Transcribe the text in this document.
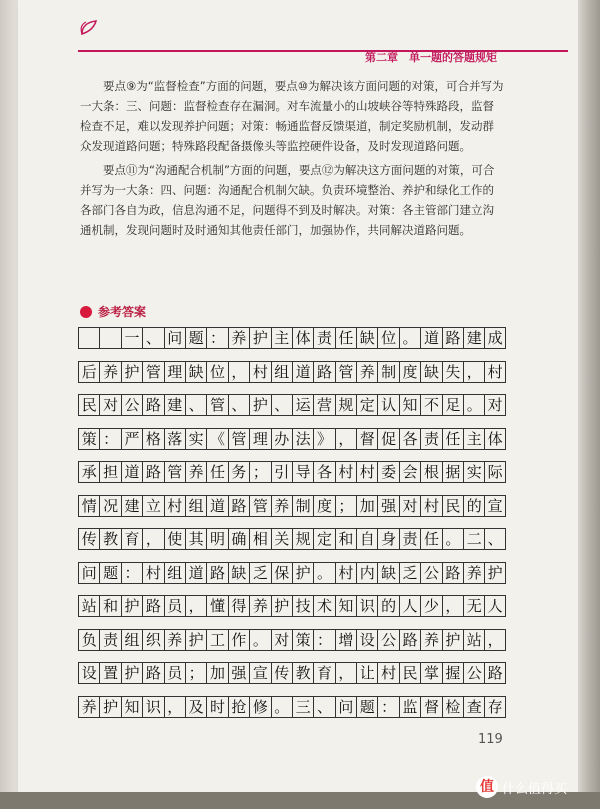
第二章　单一题的答题规矩

要点⑨为“监督检查”方面的问题，要点⑩为解决该方面问题的对策，可合并写为一大条：三、问题：监督检查存在漏洞。对车流量小的山坡峡谷等特殊路段，监督检查不足，难以发现养护问题；对策：畅通监督反馈渠道，制定奖励机制，发动群众发现道路问题；特殊路段配备摄像头等监控硬件设备，及时发现道路问题。

要点⑪为“沟通配合机制”方面的问题，要点⑫为解决这方面问题的对策，可合并写为一大条：四、问题：沟通配合机制欠缺。负责环境整治、养护和绿化工作的各部门各自为政，信息沟通不足，问题得不到及时解决。对策：各主管部门建立沟通机制，发现问题时及时通知其他责任部门，加强协作，共同解决道路问题。

参考答案
一 、 问 题 ： 养 护 主 体 责 任 缺 位 。 道 路 建 成
后 养 护 管 理 缺 位 ， 村 组 道 路 管 养 制 度 缺 失 ， 村
民 对 公 路 建 、 管 、 护 、 运 营 规 定 认 知 不 足 。 对
策 ： 严 格 落 实 《 管 理 办 法 》 ， 督 促 各 责 任 主 体
承 担 道 路 管 养 任 务 ； 引 导 各 村 村 委 会 根 据 实 际
情 况 建 立 村 组 道 路 管 养 制 度 ； 加 强 对 村 民 的 宣
传 教 育 ， 使 其 明 确 相 关 规 定 和 自 身 责 任 。 二 、
问 题 ： 村 组 道 路 缺 乏 保 护 。 村 内 缺 乏 公 路 养 护
站 和 护 路 员 ， 懂 得 养 护 技 术 知 识 的 人 少 ， 无 人
负 责 组 织 养 护 工 作 。 对 策 ： 增 设 公 路 养 护 站 ，
设 置 护 路 员 ； 加 强 宣 传 教 育 ， 让 村 民 掌 握 公 路
养 护 知 识 ， 及 时 抢 修 。 三 、 问 题 ： 监 督 检 查 存
119
值 什么值得买
